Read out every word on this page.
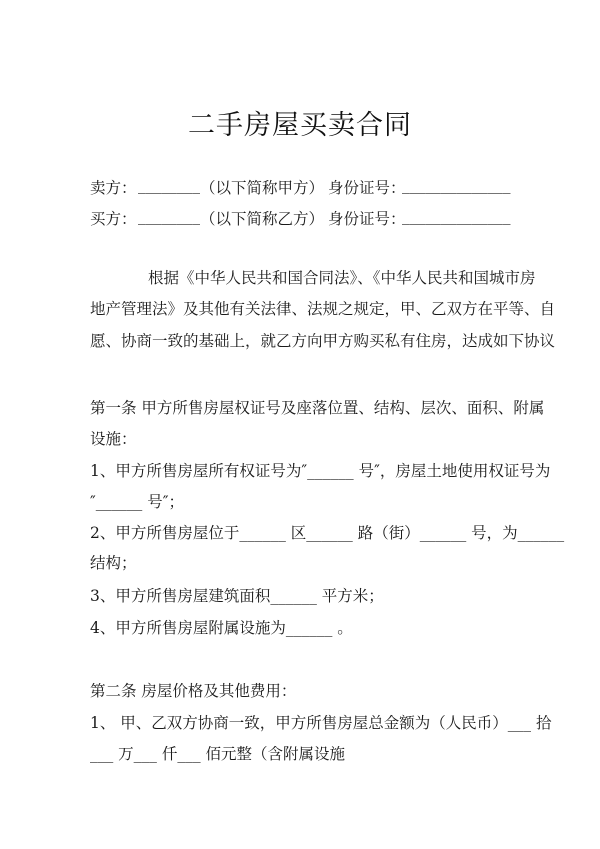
二手房屋买卖合同
卖方： ________ （以下简称甲方） 身份证号：
______________
买方： ________ （以下简称乙方） 身份证号：
______________
根据《中华人民共和国合同法》、《中华人民共和国城市房
地产管理法》及其他有关法律、法规之规定，甲、乙双方在平等、自
愿、协商一致的基础上，就乙方向甲方购买私有住房，达成如下协议
第一条 甲方所售房屋权证号及座落位置、结构、层次、面积、附属
设施：
1、甲方所售房屋所有权证号为″______ 号″，房屋土地使用权证号为
″______ 号″；
2、甲方所售房屋位于______ 区______ 路（街）______ 号，为______
结构；
3、甲方所售房屋建筑面积______ 平方米；
4、甲方所售房屋附属设施为______ 。
第二条 房屋价格及其他费用：
1、 甲、乙双方协商一致，甲方所售房屋总金额为（人民币）___ 拾
___ 万___ 仟___ 佰元整（含附属设施
